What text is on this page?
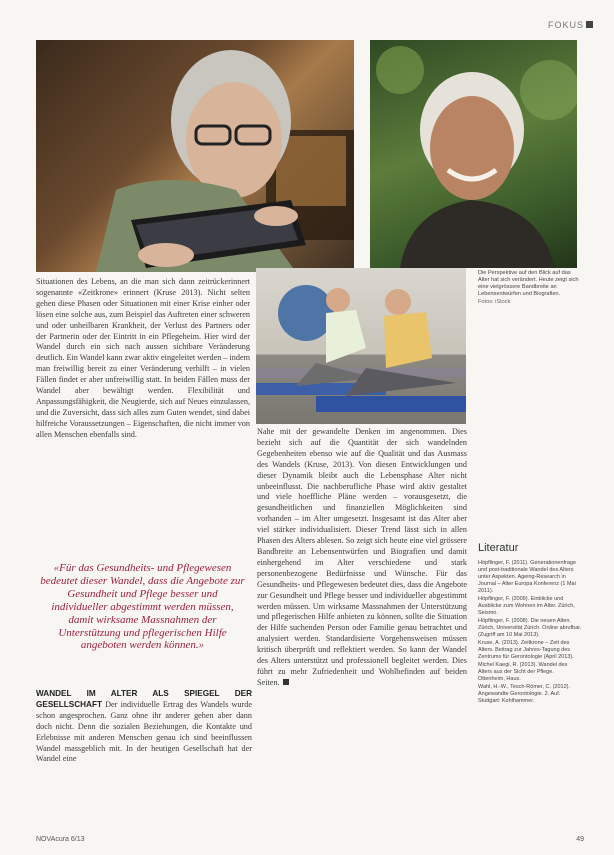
FOKUS
Die Perspektive auf den Blick auf das Alter hat sich verändert. Heute zeigt sich eine vielgrössere Bandbreite an Lebensentwürfen und Biografien.
Fotos: iStock
Situationen des Lebens, an die man sich dann zeitrückerinnert sogenannte «Zeitkrone» erinnert (Kruse 2013). Nicht selten gehen diese Phasen oder Situationen mit einer Krise einher oder lösen eine solche aus, zum Beispiel das Auftreten einer schweren und oder unheilbaren Krankheit, der Verlust des Partners oder der Partnerin oder der Eintritt in ein Pflegeheim. Hier wird der Wandel durch ein sich nach aussen sichtbare Veränderung deutlich. Ein Wandel kann zwar aktiv eingeleitet werden – indem man freiwillig bereit zu einer Veränderung verhilft – in vielen Fällen findet er aber unfreiwillig statt. In beiden Fällen muss der Wandel aber bewältigt werden. Flexibilität und Anpassungsfähigkeit, die Neugierde, sich auf Neues einzulassen, und die Zuversicht, dass sich alles zum Guten wendet, sind dabei hilfreiche Voraussetzungen – Eigenschaften, die nicht immer von allen Menschen ebenfalls sind.
«Für das Gesundheits- und Pflegewesen bedeutet dieser Wandel, dass die Angebote zur Gesundheit und Pflege besser und individueller abgestimmt werden müssen, damit wirksame Massnahmen der Unterstützung und pflegerischen Hilfe angeboten werden können.»
WANDEL IM ALTER ALS SPIEGEL DER GESELLSCHAFT Der individuelle Ertrag des Wandels wurde schon angesprochen. Ganz ohne ihr anderer gehen aber dann doch nicht. Denn die sozialen Beziehungen, die Kontakte und Erlebnisse mit anderen Menschen genau ich sind beeinflussen Wandel massgeblich mit. In der heutigen Gesellschaft hat der Wandel eine
Nahe mit der gewandelte Denken im angenommen. Dies bezieht sich auf die Quantität der sich wandelnden Gegebenheiten ebenso wie auf die Qualität und das Ausmass des Wandels (Kruse, 2013). Von diesen Entwicklungen und dieser Dynamik bleibt auch die Lebensphase Alter nicht unbeeinflusst. Die nachberufliche Phase wird aktiv gestaltet und viele hoeffliche Pläne werden – vorausgesetzt, die gesundheitlichen und finanziellen Möglichkeiten sind vorhanden – im Alter umgesetzt. Insgesamt ist das Alter aber viel stärker individualisiert. Dieser Trend lässt sich in allen Phasen des Alters ablesen. So zeigt sich heute eine viel grössere Bandbreite an Lebensentwürfen und Biografien und damit einhergehend im Alter verschiedene und stark personenbezogene Bedürfnisse und Wünsche. Für das Gesundheits- und Pflegewesen bedeutet dies, dass die Angebote zur Gesundheit und Pflege besser und individueller abgestimmt werden müssen. Um wirksame Massnahmen der Unterstützung und pflegerischen Hilfe anbieten zu können, sollte die Situation der Hilfe suchenden Person oder Familie genau betrachtet und analysiert werden. Standardisierte Vorgehensweisen müssen kritisch überprüft und reflektiert werden. So kann der Wandel des Alters unterstützt und professionell begleitet werden. Dies führt zu mehr Zufriedenheit und Wohlbefinden auf beiden Seiten.
Literatur

Höpflinger, F. (2011). Generationenfrage und post-traditionale Wandel des Alters unter Aspekten. Ageing-Research in Journal – Alter Europa Konferenz (1 Mai 2011).

Höpflinger, F. (2009). Einblicke und Ausblicke zum Wohnen im Alter. Zürich, Seismo.

Höpflinger, F. (2008). Die neuen Alten. Zürich, Universität Zürich. Online abrufbar. (Zugriff am 10 Mai 2013).

Kruse, A. (2013). Zeitkrone – Zeit des Alters. Beitrag zur Jahres-Tagung des Zentrums für Gerontologie (April 2013).

Michel Kaegi, R. (2013). Wandel des Alters aus der Sicht der Pflege. Ottenheim, Haus.

Wahl, H.-W., Tesch-Römer, C. (2012). Angewandte Gerontologie. 2. Auf. Stuttgart: Kohlhammer.

NOVAcura 6/13	49
